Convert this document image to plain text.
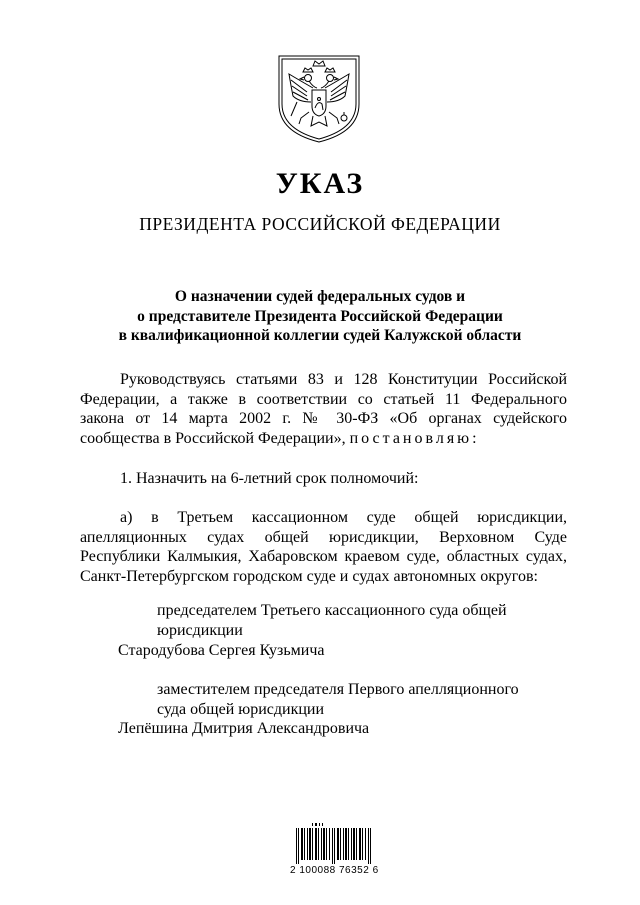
УКАЗ
ПРЕЗИДЕНТА РОССИЙСКОЙ ФЕДЕРАЦИИ
О назначении судей федеральных судов и
о представителе Президента Российской Федерации
в квалификационной коллегии судей Калужской области
Руководствуясь статьями 83 и 128 Конституции Российской
Федерации, а также в соответствии со статьей 11 Федерального
закона от 14 марта 2002 г. № 30-ФЗ «Об органах судейского
сообщества в Российской Федерации», постановляю:
1. Назначить на 6-летний срок полномочий:
а) в Третьем кассационном суде общей юрисдикции,
апелляционных судах общей юрисдикции, Верховном Суде
Республики Калмыкия, Хабаровском краевом суде, областных судах,
Санкт-Петербургском городском суде и судах автономных округов:
председателем Третьего кассационного суда общей
юрисдикции
Стародубова Сергея Кузьмича
заместителем председателя Первого апелляционного
суда общей юрисдикции
Лепёшина Дмитрия Александровича
2 100088 76352 6
